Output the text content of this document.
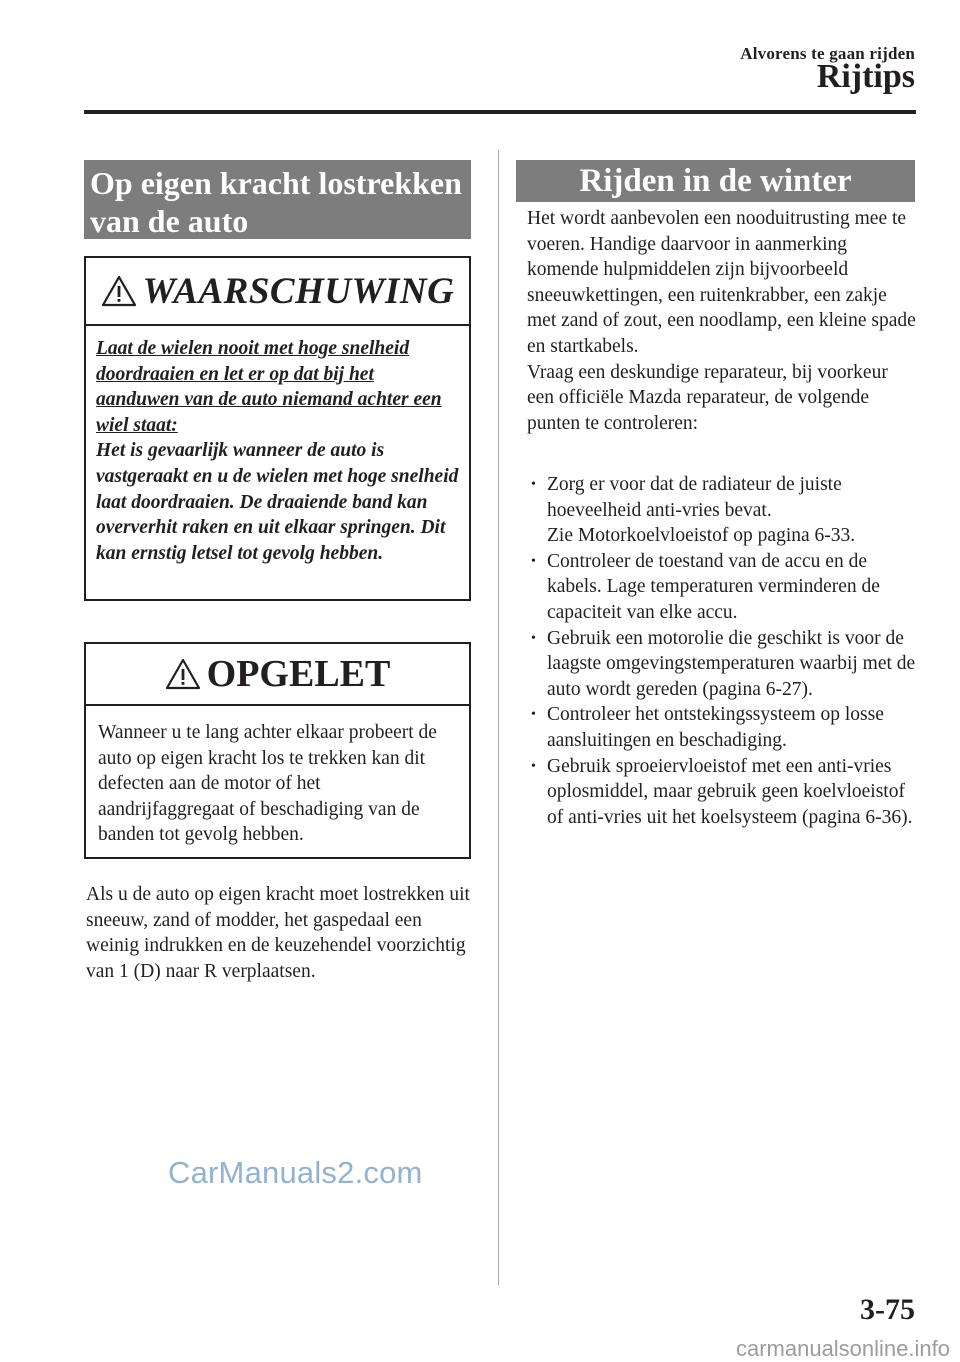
Alvorens te gaan rijden
Rijtips
Op eigen kracht lostrekken van de auto
WAARSCHUWING
Laat de wielen nooit met hoge snelheid doordraaien en let er op dat bij het aanduwen van de auto niemand achter een wiel staat:
Het is gevaarlijk wanneer de auto is vastgeraakt en u de wielen met hoge snelheid laat doordraaien. De draaiende band kan oververhit raken en uit elkaar springen. Dit kan ernstig letsel tot gevolg hebben.
OPGELET
Wanneer u te lang achter elkaar probeert de auto op eigen kracht los te trekken kan dit defecten aan de motor of het aandrijfaggregaat of beschadiging van de banden tot gevolg hebben.
Als u de auto op eigen kracht moet lostrekken uit sneeuw, zand of modder, het gaspedaal een weinig indrukken en de keuzehendel voorzichtig van 1 (D) naar R verplaatsen.
Rijden in de winter
Het wordt aanbevolen een nooduitrusting mee te voeren. Handige daarvoor in aanmerking komende hulpmiddelen zijn bijvoorbeeld sneeuwkettingen, een ruitenkrabber, een zakje met zand of zout, een noodlamp, een kleine spade en startkabels.
Vraag een deskundige reparateur, bij voorkeur een officiële Mazda reparateur, de volgende punten te controleren:
• Zorg er voor dat de radiateur de juiste hoeveelheid anti-vries bevat.
Zie Motorkoelvloeistof op pagina 6-33.
• Controleer de toestand van de accu en de kabels. Lage temperaturen verminderen de capaciteit van elke accu.
• Gebruik een motorolie die geschikt is voor de laagste omgevingstemperaturen waarbij met de auto wordt gereden (pagina 6-27).
• Controleer het ontstekingssysteem op losse aansluitingen en beschadiging.
• Gebruik sproeiervloeistof met een anti-vries oplosmiddel, maar gebruik geen koelvloeistof of anti-vries uit het koelsysteem (pagina 6-36).
CarManuals2.com
3-75
carmanualsonline.info
